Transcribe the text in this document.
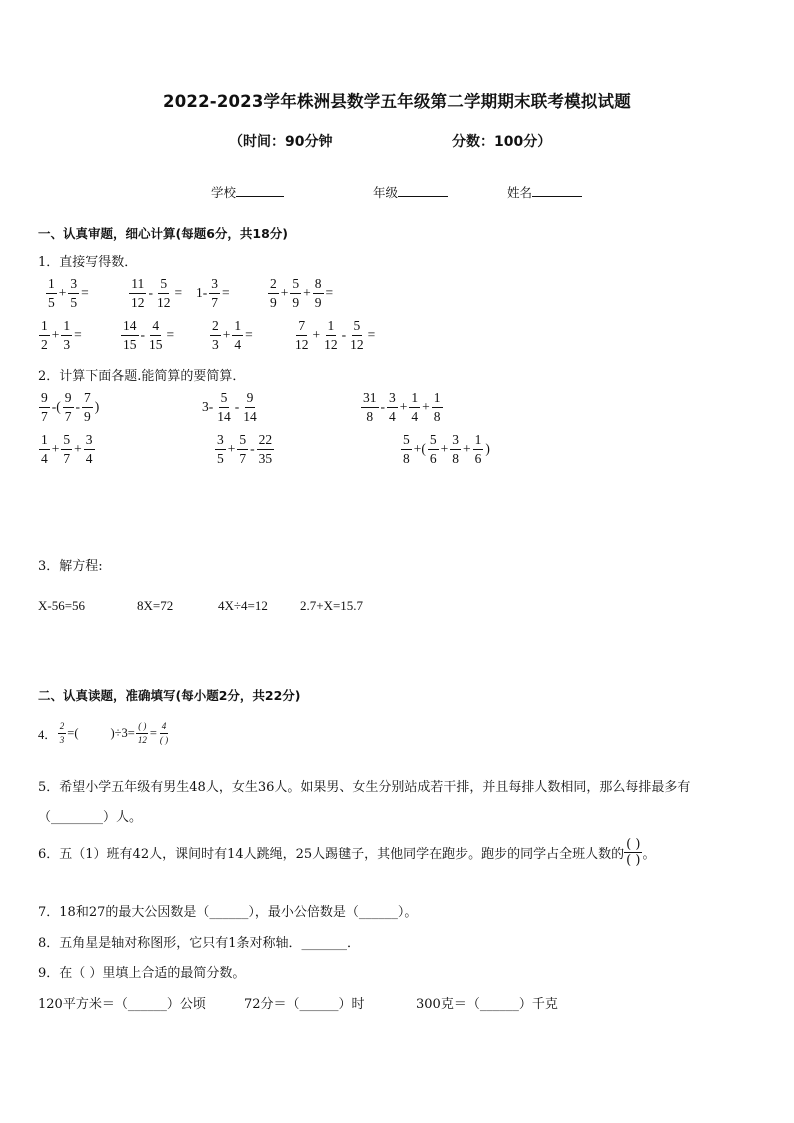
2022-2023学年株洲县数学五年级第二学期期末联考模拟试题
（时间：90分钟	分数：100分）
学校	年级	姓名
一、认真审题，细心计算(每题6分，共18分)
1．直接写得数．
$\frac{1}{5} + \frac{3}{5}$ =	$\frac{11}{12} - \frac{5}{12} = 1- \frac{3}{7}$ =	$\frac{2}{9} + \frac{5}{9} + \frac{8}{9}$ =
$\frac{1}{2} + \frac{1}{3}$ =	$\frac{14}{15} - \frac{4}{15}$ =	$\frac{2}{3} + \frac{1}{4}$ =	$\frac{7}{12} + \frac{1}{12} - \frac{5}{12}$ =
2．计算下面各题.能简算的要简算．
$\frac{9}{7}$ -( $\frac{9}{7} - \frac{7}{9}$ )	$3- \frac{5}{14} - \frac{9}{14}$	$\frac{31}{8} - \frac{3}{4} + \frac{1}{4} + \frac{1}{8}$
$\frac{1}{4} + \frac{5}{7} + \frac{3}{4}$	$\frac{3}{5} + \frac{5}{7} - \frac{22}{35}$	$\frac{5}{8}$ +( $\frac{5}{6} + \frac{3}{8} + \frac{1}{6}$ )
3．解方程:
X-56=56	8X=72	4X÷4=12 2.7+X=15.7
二、认真读题，准确填写(每小题2分，共22分)
4． $\frac{2}{3}$ =(	)$\div 3= \frac{( )}{12} = \frac{4}{( )}$
5．希望小学五年级有男生48人，女生36人。如果男、女生分别站成若干排，并且每排人数相同，那么每排最多有
（________）人。
6．五（1）班有42人，课间时有14人跳绳，25人踢毽子，其他同学在跑步。跑步的同学占全班人数的
( )
( ) 。
7．18和27的最大公因数是（______），最小公倍数是（______）。
8．五角星是轴对称图形，它只有1条对称轴．_______．
9．在（ ）里填上合适的最简分数。
120平方米＝（______）公顷	72分＝（______）时	300克＝（______）千克
